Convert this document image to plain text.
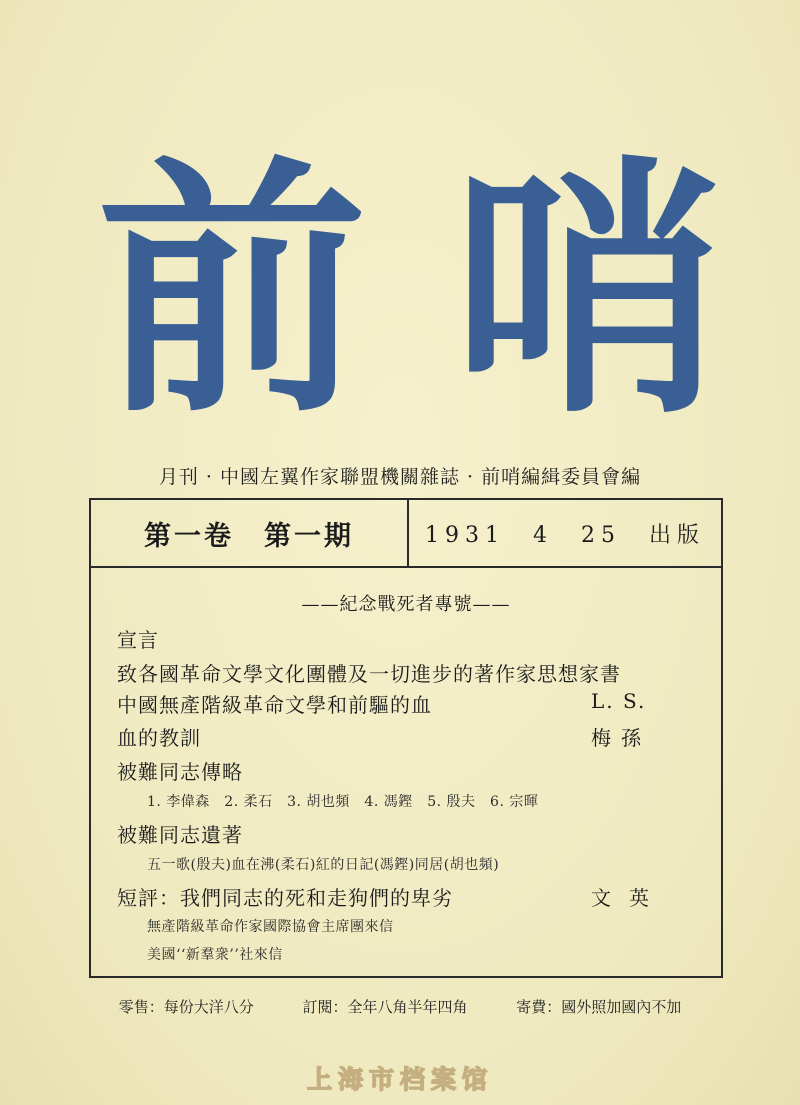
前 哨
月刊 · 中國左翼作家聯盟機關雜誌 · 前哨編緝委員會編
第一卷　第一期	1931　4　25　出版
——紀念戰死者專號——
宣言
致各國革命文學文化團體及一切進步的著作家思想家書
中國無產階級革命文學和前驅的血	L. S.
血的教訓	梅孫
被難同志傳略
1. 李偉森　2. 柔石　3. 胡也頻　4. 馮鏗　5. 殷夫　6. 宗暉
被難同志遺著
五一歌(殷夫)血在沸(柔石)紅的日記(馮鏗)同居(胡也頻)
短評：我們同志的死和走狗們的卑劣	文英
無產階級革命作家國際協會主席團來信
美國‘‘新羣衆’’社來信
零售：每份大洋八分	訂閱：全年八角半年四角	寄費：國外照加國內不加
上海市档案馆
